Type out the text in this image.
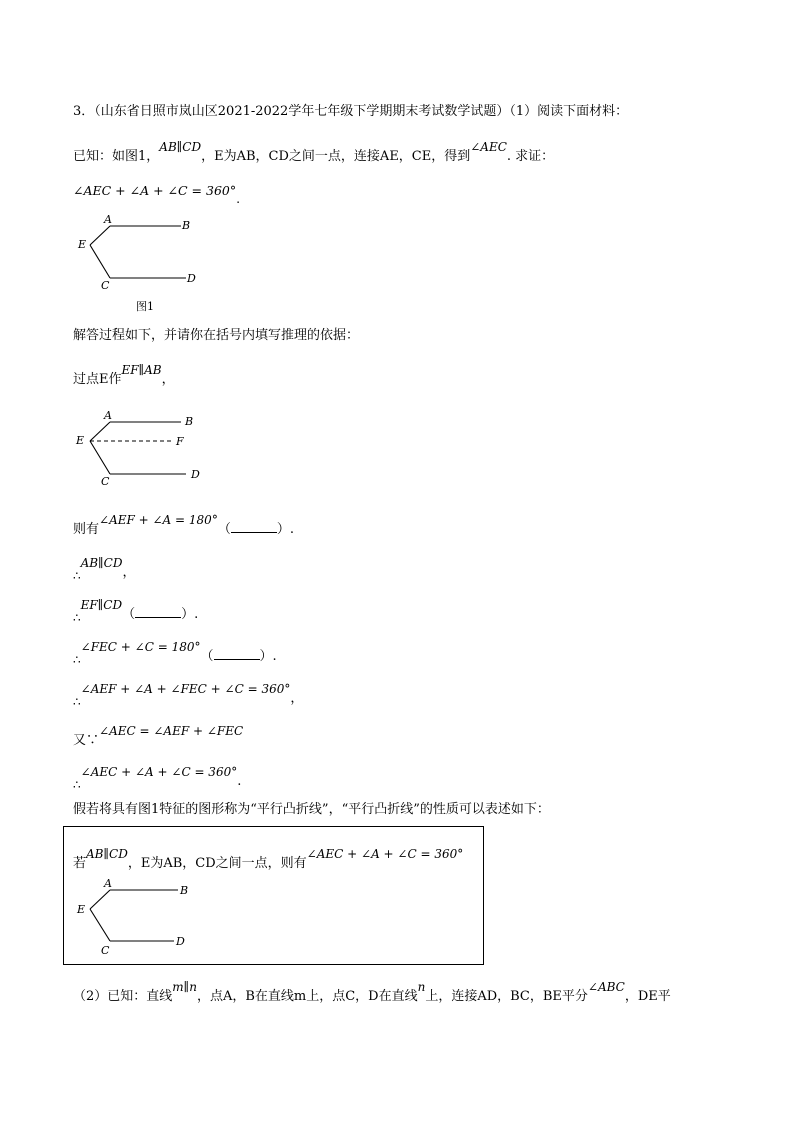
3．（山东省日照市岚山区2021-2022学年七年级下学期期末考试数学试题）（1）阅读下面材料：
已知：如图1，AB∥CD，E为AB，CD之间一点，连接AE，CE，得到∠AEC. 求证：
∠AEC + ∠A + ∠C = 360°.
A	B
E
C
D
图1
解答过程如下，并请你在括号内填写推理的依据：
过点E作EF∥AB，
A	B
E	F
C
D
则有∠AEF + ∠A = 180°（	）.
∴AB∥CD，
∴EF∥CD（	）.
∴∠FEC + ∠C = 180°（	）.
∴∠AEF + ∠A + ∠FEC + ∠C = 360°，
又∵∠AEC = ∠AEF + ∠FEC
∴∠AEC + ∠A + ∠C = 360°.
假若将具有图1特征的图形称为“平行凸折线”，“平行凸折线”的性质可以表述如下：
若AB∥CD，E为AB，CD之间一点，则有∠AEC + ∠A + ∠C = 360°
A
B
E
C
D
（2）已知：直线m∥n，点A，B在直线m上，点C，D在直线n上，连接AD，BC，BE平分∠ABC，DE平
